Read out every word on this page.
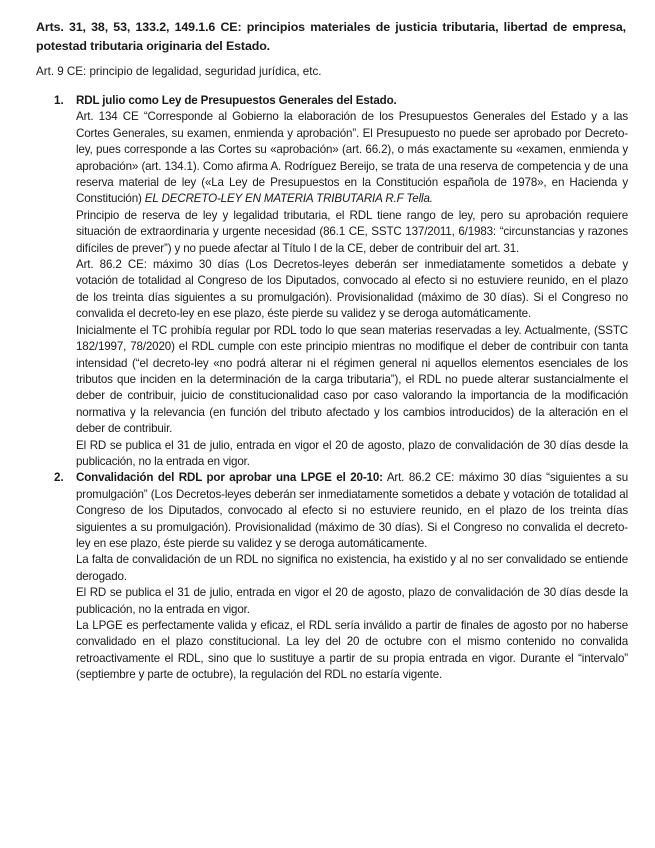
Arts. 31, 38, 53, 133.2, 149.1.6 CE: principios materiales de justicia tributaria, libertad de empresa, potestad tributaria originaria del Estado.
Art. 9 CE: principio de legalidad, seguridad jurídica, etc.
1. RDL julio como Ley de Presupuestos Generales del Estado.

Art. 134 CE “Corresponde al Gobierno la elaboración de los Presupuestos Generales del Estado y a las Cortes Generales, su examen, enmienda y aprobación”. El Presupuesto no puede ser aprobado por Decreto-ley, pues corresponde a las Cortes su «aprobación» (art. 66.2), o más exactamente su «examen, enmienda y aprobación» (art. 134.1). Como afirma A. Rodríguez Bereijo, se trata de una reserva de competencia y de una reserva material de ley («La Ley de Presupuestos en la Constitución española de 1978», en Hacienda y Constitución) EL DECRETO-LEY EN MATERIA TRIBUTARIA R.F Tella.

Principio de reserva de ley y legalidad tributaria, el RDL tiene rango de ley, pero su aprobación requiere situación de extraordinaria y urgente necesidad (86.1 CE, SSTC 137/2011, 6/1983: “circunstancias y razones difíciles de prever”) y no puede afectar al Título I de la CE, deber de contribuir del art. 31.

Art. 86.2 CE: máximo 30 días (Los Decretos-leyes deberán ser inmediatamente sometidos a debate y votación de totalidad al Congreso de los Diputados, convocado al efecto si no estuviere reunido, en el plazo de los treinta días siguientes a su promulgación). Provisionalidad (máximo de 30 días). Si el Congreso no convalida el decreto-ley en ese plazo, éste pierde su validez y se deroga automáticamente.

Inicialmente el TC prohibía regular por RDL todo lo que sean materias reservadas a ley. Actualmente, (SSTC 182/1997, 78/2020) el RDL cumple con este principio mientras no modifique el deber de contribuir con tanta intensidad (“el decreto-ley «no podrá alterar ni el régimen general ni aquellos elementos esenciales de los tributos que inciden en la determinación de la carga tributaria”), el RDL no puede alterar sustancialmente el deber de contribuir, juicio de constitucionalidad caso por caso valorando la importancia de la modificación normativa y la relevancia (en función del tributo afectado y los cambios introducidos) de la alteración en el deber de contribuir.

El RD se publica el 31 de julio, entrada en vigor el 20 de agosto, plazo de convalidación de 30 días desde la publicación, no la entrada en vigor.

2. Convalidación del RDL por aprobar una LPGE el 20-10: Art. 86.2 CE: máximo 30 días “siguientes a su promulgación” (Los Decretos-leyes deberán ser inmediatamente sometidos a debate y votación de totalidad al Congreso de los Diputados, convocado al efecto si no estuviere reunido, en el plazo de los treinta días siguientes a su promulgación). Provisionalidad (máximo de 30 días). Si el Congreso no convalida el decreto-ley en ese plazo, éste pierde su validez y se deroga automáticamente.

La falta de convalidación de un RDL no significa no existencia, ha existido y al no ser convalidado se entiende derogado.

El RD se publica el 31 de julio, entrada en vigor el 20 de agosto, plazo de convalidación de 30 días desde la publicación, no la entrada en vigor.

La LPGE es perfectamente valida y eficaz, el RDL sería inválido a partir de finales de agosto por no haberse convalidado en el plazo constitucional. La ley del 20 de octubre con el mismo contenido no convalida retroactivamente el RDL, sino que lo sustituye a partir de su propia entrada en vigor. Durante el “intervalo” (septiembre y parte de octubre), la regulación del RDL no estaría vigente.
